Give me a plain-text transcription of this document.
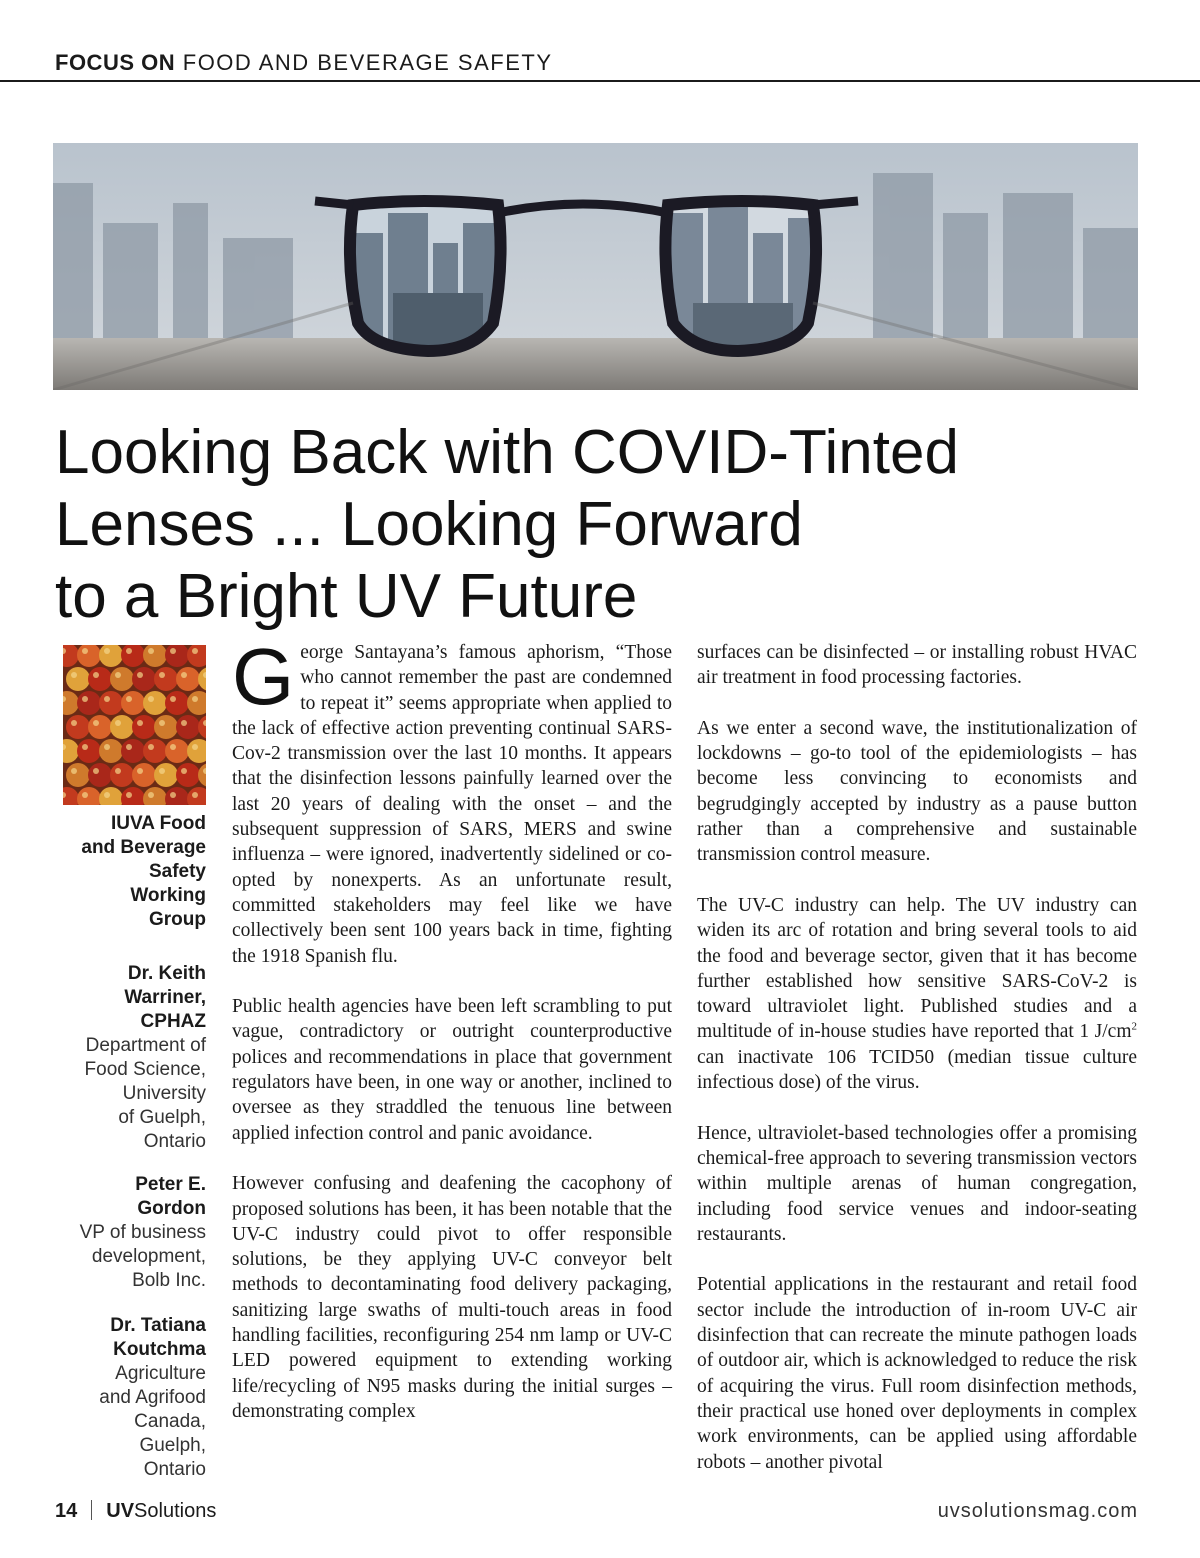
FOCUS ON FOOD AND BEVERAGE SAFETY
Looking Back with COVID-Tinted
Lenses ... Looking Forward
to a Bright UV Future
IUVA Food
and Beverage
Safety
Working
Group
Dr. Keith
Warriner,
CPHAZ
Department of
Food Science,
University
of Guelph,
Ontario
Peter E.
Gordon
VP of business
development,
Bolb Inc.
Dr. Tatiana
Koutchma
Agriculture
and Agrifood
Canada,
Guelph,
Ontario

George Santayana’s famous aphorism, “Those who cannot remember the past are condemned to repeat it” seems appropriate when applied to the lack of effective action preventing continual SARS-Cov-2 transmission over the last 10 months. It appears that the disinfection lessons painfully learned over the last 20 years of dealing with the onset – and the subsequent suppression of SARS, MERS and swine influenza – were ignored, inadvertently sidelined or co-opted by nonexperts. As an unfortunate result, committed stakeholders may feel like we have collectively been sent 100 years back in time, fighting the 1918 Spanish flu.

Public health agencies have been left scrambling to put vague, contradictory or outright counterproductive polices and recommendations in place that government regulators have been, in one way or another, inclined to oversee as they straddled the tenuous line between applied infection control and panic avoidance.

However confusing and deafening the cacophony of proposed solutions has been, it has been notable that the UV-C industry could pivot to offer responsible solutions, be they applying UV-C conveyor belt methods to decontaminating food delivery packaging, sanitizing large swaths of multi-touch areas in food handling facilities, reconfiguring 254 nm lamp or UV-C LED powered equipment to extending working life/recycling of N95 masks during the initial surges – demonstrating complex

surfaces can be disinfected – or installing robust HVAC air treatment in food processing factories.

As we enter a second wave, the institutionalization of lockdowns – go-to tool of the epidemiologists – has become less convincing to economists and begrudgingly accepted by industry as a pause button rather than a comprehensive and sustainable transmission control measure.

The UV-C industry can help. The UV industry can widen its arc of rotation and bring several tools to aid the food and beverage sector, given that it has become further established how sensitive SARS-CoV-2 is toward ultraviolet light. Published studies and a multitude of in-house studies have reported that 1 $J/cm^2$ can inactivate 106 TCID50 (median tissue culture infectious dose) of the virus.

Hence, ultraviolet-based technologies offer a promising chemical-free approach to severing transmission vectors within multiple arenas of human congregation, including food service venues and indoor-seating restaurants.

Potential applications in the restaurant and retail food sector include the introduction of in-room UV-C air disinfection that can recreate the minute pathogen loads of outdoor air, which is acknowledged to reduce the risk of acquiring the virus. Full room disinfection methods, their practical use honed over deployments in complex work environments, can be applied using affordable robots – another pivotal

14 UVSolutions	uvsolutionsmag.com
